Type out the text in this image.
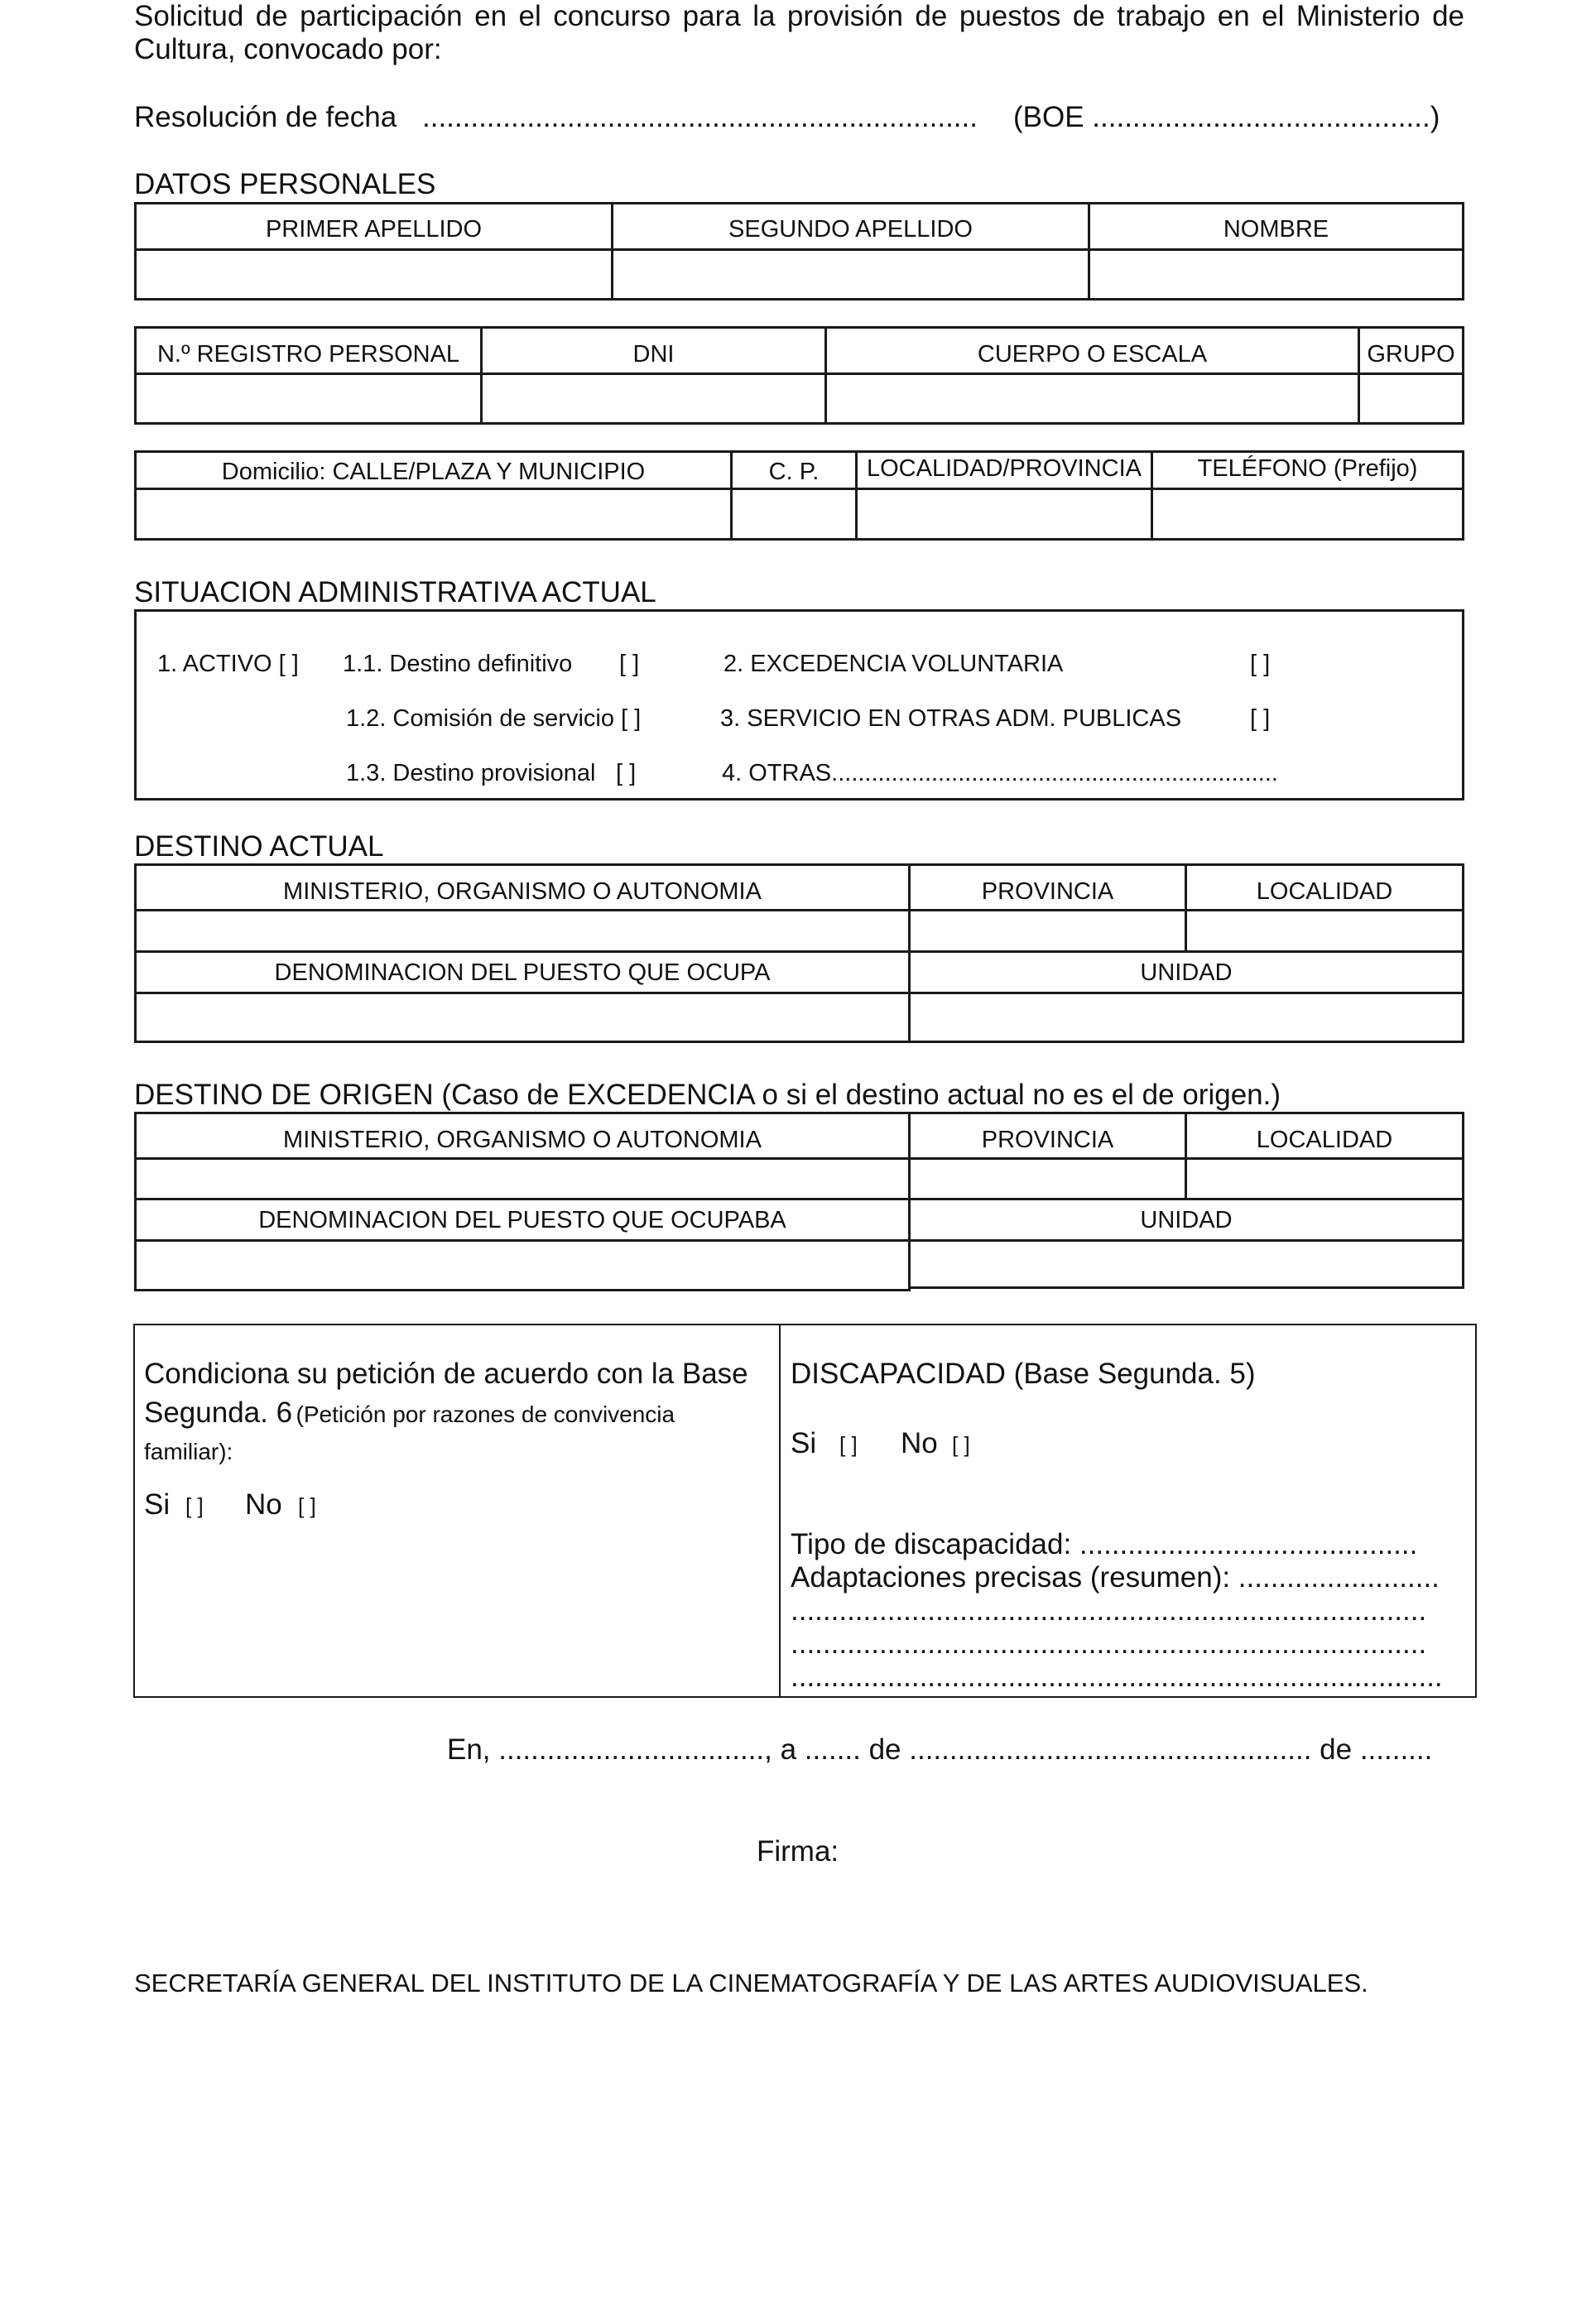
Solicitud de participación en el concurso para la provisión de puestos de trabajo en el Ministerio de Cultura, convocado por:
Resolución de fecha .....................................................................	(BOE ..........................................)
DATOS PERSONALES
PRIMER APELLIDO	SEGUNDO APELLIDO	NOMBRE
N.º REGISTRO PERSONAL	DNI	CUERPO O ESCALA	GRUPO
Domicilio: CALLE/PLAZA Y MUNICIPIO	C. P.	LOCALIDAD/PROVINCIA	TELÉFONO (Prefijo)
SITUACION ADMINISTRATIVA ACTUAL
1. ACTIVO [ ] 1.1. Destino definitivo [ ]	2. EXCEDENCIA VOLUNTARIA	[ ]
1.2. Comisión de servicio [ ]	3. SERVICIO EN OTRAS ADM. PUBLICAS	[ ]
1.3. Destino provisional [ ]	4. OTRAS...................................................................
DESTINO ACTUAL
MINISTERIO, ORGANISMO O AUTONOMIA	PROVINCIA	LOCALIDAD
DENOMINACION DEL PUESTO QUE OCUPA	UNIDAD
DESTINO DE ORIGEN (Caso de EXCEDENCIA o si el destino actual no es el de origen.)
MINISTERIO, ORGANISMO O AUTONOMIA	PROVINCIA	LOCALIDAD
DENOMINACION DEL PUESTO QUE OCUPABA	UNIDAD
Condiciona su petición de acuerdo con la Base Segunda. 6 (Petición por razones de convivencia familiar):
Si [ ] No [ ]
DISCAPACIDAD (Base Segunda. 5)
Si [ ] No [ ]
Tipo de discapacidad: ..........................................
Adaptaciones precisas (resumen): .........................
...............................................................................
...............................................................................
.................................................................................
En, ................................., a ....... de .................................................. de .........
Firma:
SECRETARÍA GENERAL DEL INSTITUTO DE LA CINEMATOGRAFÍA Y DE LAS ARTES AUDIOVISUALES.
